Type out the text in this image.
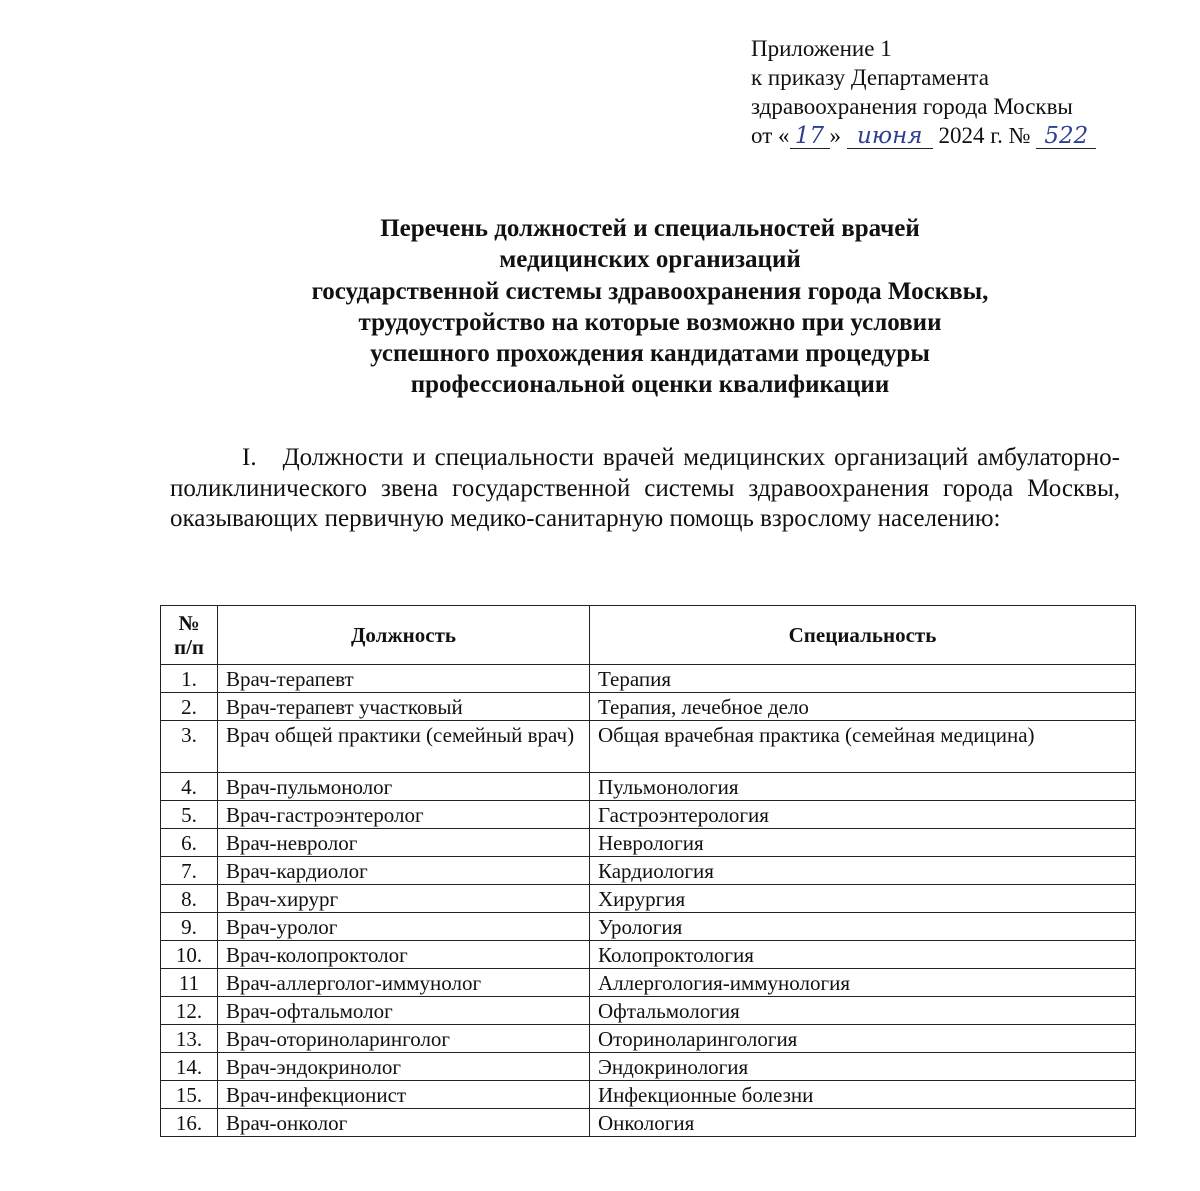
Приложение 1
к приказу Департамента
здравоохранения города Москвы
от « 17 » июня 2024 г. № 522
Перечень должностей и специальностей врачей
медицинских организаций
государственной системы здравоохранения города Москвы,
трудоустройство на которые возможно при условии
успешного прохождения кандидатами процедуры
профессиональной оценки квалификации
I. Должности и специальности врачей медицинских организаций амбулаторно-поликлинического звена государственной системы здравоохранения города Москвы, оказывающих первичную медико-санитарную помощь взрослому населению:
№ п/п	Должность	Специальность
1.	Врач-терапевт	Терапия
2.	Врач-терапевт участковый	Терапия, лечебное дело
3.	Врач общей практики (семейный врач)	Общая врачебная практика (семейная медицина)
4.	Врач-пульмонолог	Пульмонология
5.	Врач-гастроэнтеролог	Гастроэнтерология
6.	Врач-невролог	Неврология
7.	Врач-кардиолог	Кардиология
8.	Врач-хирург	Хирургия
9.	Врач-уролог	Урология
10.	Врач-колопроктолог	Колопроктология
11	Врач-аллерголог-иммунолог	Аллергология-иммунология
12.	Врач-офтальмолог	Офтальмология
13.	Врач-оториноларинголог	Оториноларингология
14.	Врач-эндокринолог	Эндокринология
15.	Врач-инфекционист	Инфекционные болезни
16.	Врач-онколог	Онкология
